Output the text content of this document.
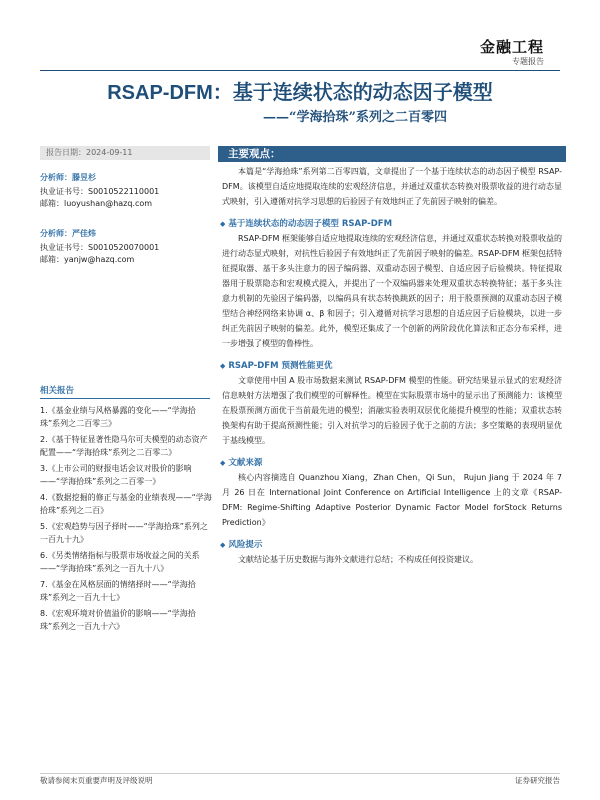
金融工程
专题报告
RSAP-DFM：基于连续状态的动态因子模型
——“学海拾珠”系列之二百零四
报告日期：2024-09-11
分析师：滕昱杉
执业证书号：S0010522110001
邮箱：luoyushan@hazq.com
分析师：严佳炜
执业证书号：S0010520070001
邮箱：yanjw@hazq.com
相关报告
1.《基金业绩与风格暴露的变化——“学海拾珠”系列之二百零三》
2.《基于特征显著性隐马尔可夫模型的动态资产配置——“学海拾珠”系列之二百零二》
3.《上市公司的财报电话会议对股价的影响——“学海拾珠”系列之二百零一》
4.《数据挖掘的修正与基金的业绩表现——“学海拾珠”系列之二百》
5.《宏观趋势与因子择时——“学海拾珠”系列之一百九十九》
6.《另类情绪指标与股票市场收益之间的关系——“学海拾珠”系列之一百九十八》
7.《基金在风格层面的情绪择时——“学海拾珠”系列之一百九十七》
8.《宏观环境对价值溢价的影响——“学海拾珠”系列之一百九十六》
主要观点：

本篇是“学海拾珠”系列第二百零四篇，文章提出了一个基于连续状态的动态因子模型 RSAP-DFM。该模型自适应地提取连续的宏观经济信息，并通过双重状态转换对股票收益的进行动态显式映射，引入遵循对抗学习思想的后验因子有效地纠正了先前因子映射的偏差。

◆ 基于连续状态的动态因子模型 RSAP-DFM

RSAP-DFM 框架能够自适应地提取连续的宏观经济信息，并通过双重状态转换对股票收益的进行动态显式映射，对抗性后验因子有效地纠正了先前因子映射的偏差。RSAP-DFM 框架包括特征提取器、基于多头注意力的因子编码器、双重动态因子模型、自适应因子后验模块。特征提取器用于股票隐态和宏观模式提入，并提出了一个双编码器来处理双重状态转换特征；基于多头注意力机制的先验因子编码器，以编码具有状态转换跳跃的因子；用于股票预测的双重动态因子模型结合神经网络来协调 α、β 和因子；引入遵循对抗学习思想的自适应因子后验模块，以进一步纠正先前因子映射的偏差。此外，模型还集成了一个创新的两阶段优化算法和正态分布采样，进一步增强了模型的鲁棒性。

◆ RSAP-DFM 预测性能更优

文章使用中国 A 股市场数据来测试 RSAP-DFM 模型的性能。研究结果显示显式的宏观经济信息映射方法增强了我们模型的可解释性。模型在实际股票市场中的显示出了预测能力：该模型在股票预测方面优于当前最先进的模型；消融实验表明双层优化能提升模型的性能；双重状态转换架构有助于提高预测性能；引入对抗学习的后验因子优于之前的方法；多空策略的表现明显优于基线模型。

◆ 文献来源

核心内容摘选自 Quanzhou Xiang，Zhan Chen，Qi Sun， Rujun Jiang 于 2024 年 7 月 26 日在 International Joint Conference on Artificial Intelligence 上的文章《RSAP-DFM: Regime-Shifting Adaptive Posterior Dynamic Factor Model forStock Returns Prediction》

◆ 风险提示

文献结论基于历史数据与海外文献进行总结；不构成任何投资建议。

敬请参阅末页重要声明及评级说明	证券研究报告
